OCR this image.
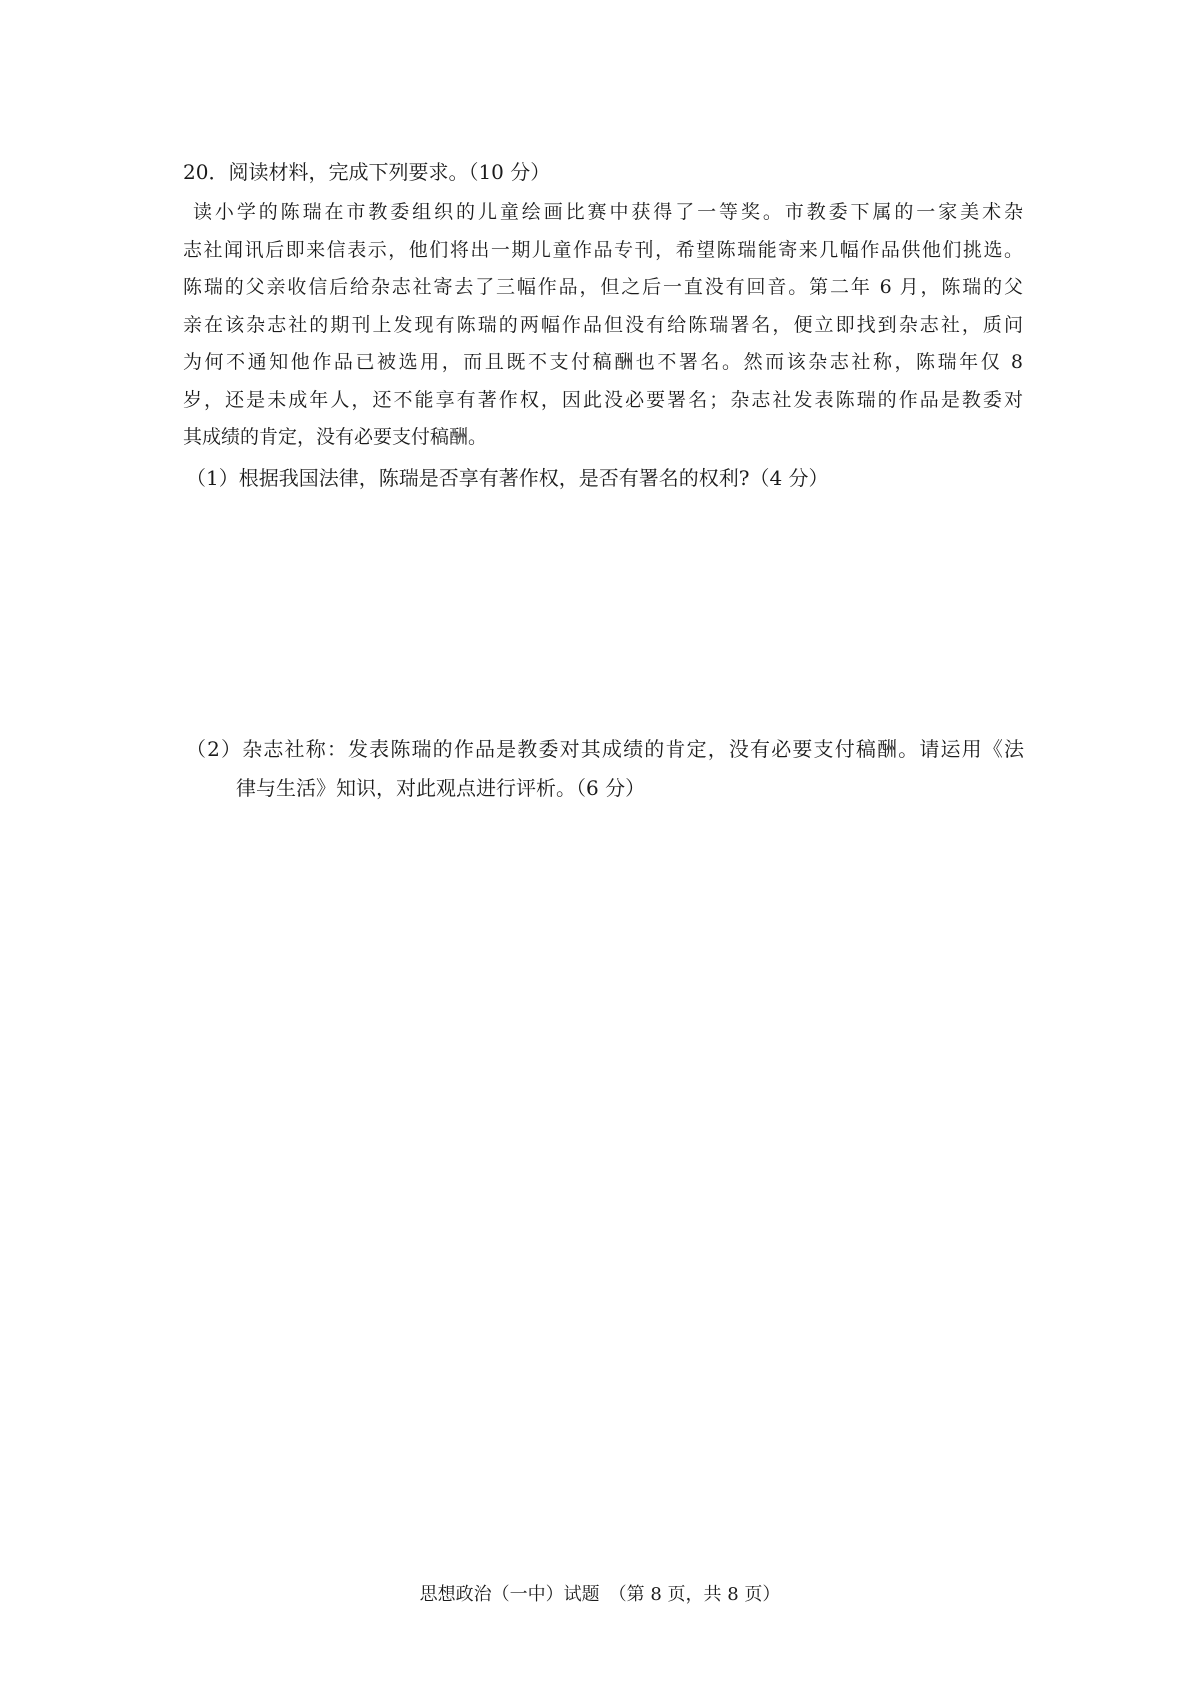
20．阅读材料，完成下列要求。（10 分）
读小学的陈瑞在市教委组织的儿童绘画比赛中获得了一等奖。市教委下属的一家美术杂
志社闻讯后即来信表示，他们将出一期儿童作品专刊，希望陈瑞能寄来几幅作品供他们挑选。
陈瑞的父亲收信后给杂志社寄去了三幅作品，但之后一直没有回音。第二年 6 月，陈瑞的父
亲在该杂志社的期刊上发现有陈瑞的两幅作品但没有给陈瑞署名，便立即找到杂志社，质问
为何不通知他作品已被选用，而且既不支付稿酬也不署名。然而该杂志社称，陈瑞年仅 8
岁，还是未成年人，还不能享有著作权，因此没必要署名；杂志社发表陈瑞的作品是教委对
其成绩的肯定，没有必要支付稿酬。
（1）根据我国法律，陈瑞是否享有著作权，是否有署名的权利?（4 分）
（2）杂志社称：发表陈瑞的作品是教委对其成绩的肯定，没有必要支付稿酬。请运用《法
律与生活》知识，对此观点进行评析。（6 分）
思想政治（一中）试题　（第 8 页，共 8 页）
